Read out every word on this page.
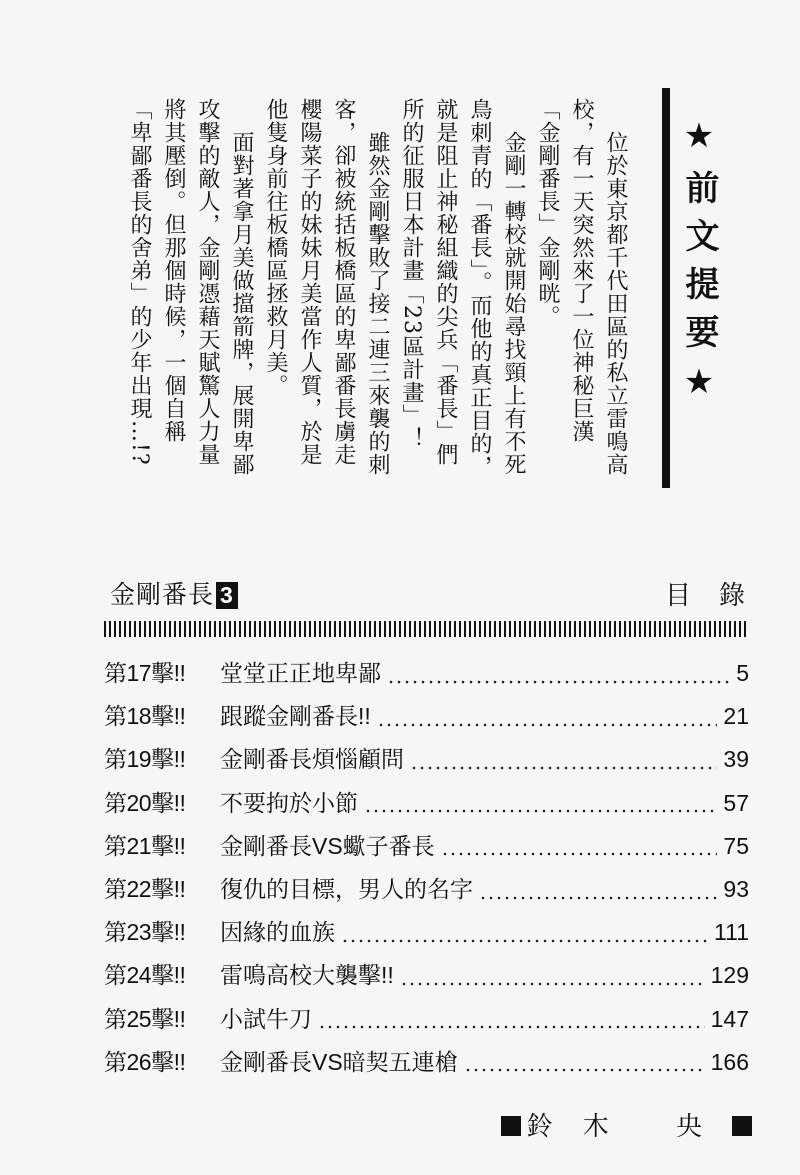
★前文提要★

位於東京都千代田區的私立雷鳴高校，有一天突然來了一位神秘巨漢「金剛番長」金剛晄。

金剛一轉校就開始尋找頸上有不死鳥刺青的「番長」。而他的真正目的，就是阻止神秘組織的尖兵「番長」們所的征服日本計畫「23區計畫」！

雖然金剛擊敗了接二連三來襲的刺客，卻被統括板橋區的卑鄙番長虜走櫻陽菜子的妹妹月美當作人質，於是他隻身前往板橋區拯救月美。

面對著拿月美做擋箭牌，展開卑鄙攻擊的敵人，金剛憑藉天賦驚人力量將其壓倒。但那個時候，一個自稱「卑鄙番長的舍弟」的少年出現…!?

金剛番長 3	目錄
第17擊!!	堂堂正正地卑鄙	5
第18擊!!	跟蹤金剛番長!!	21
第19擊!!	金剛番長煩惱顧問	39
第20擊!!	不要拘於小節	57
第21擊!!	金剛番長VS蠍子番長	75
第22擊!!	復仇的目標，男人的名字	93
第23擊!!	因緣的血族	111
第24擊!!	雷鳴高校大襲擊!!	129
第25擊!!	小試牛刀	147
第26擊!!	金剛番長VS暗契五連槍	166
鈴木 央
